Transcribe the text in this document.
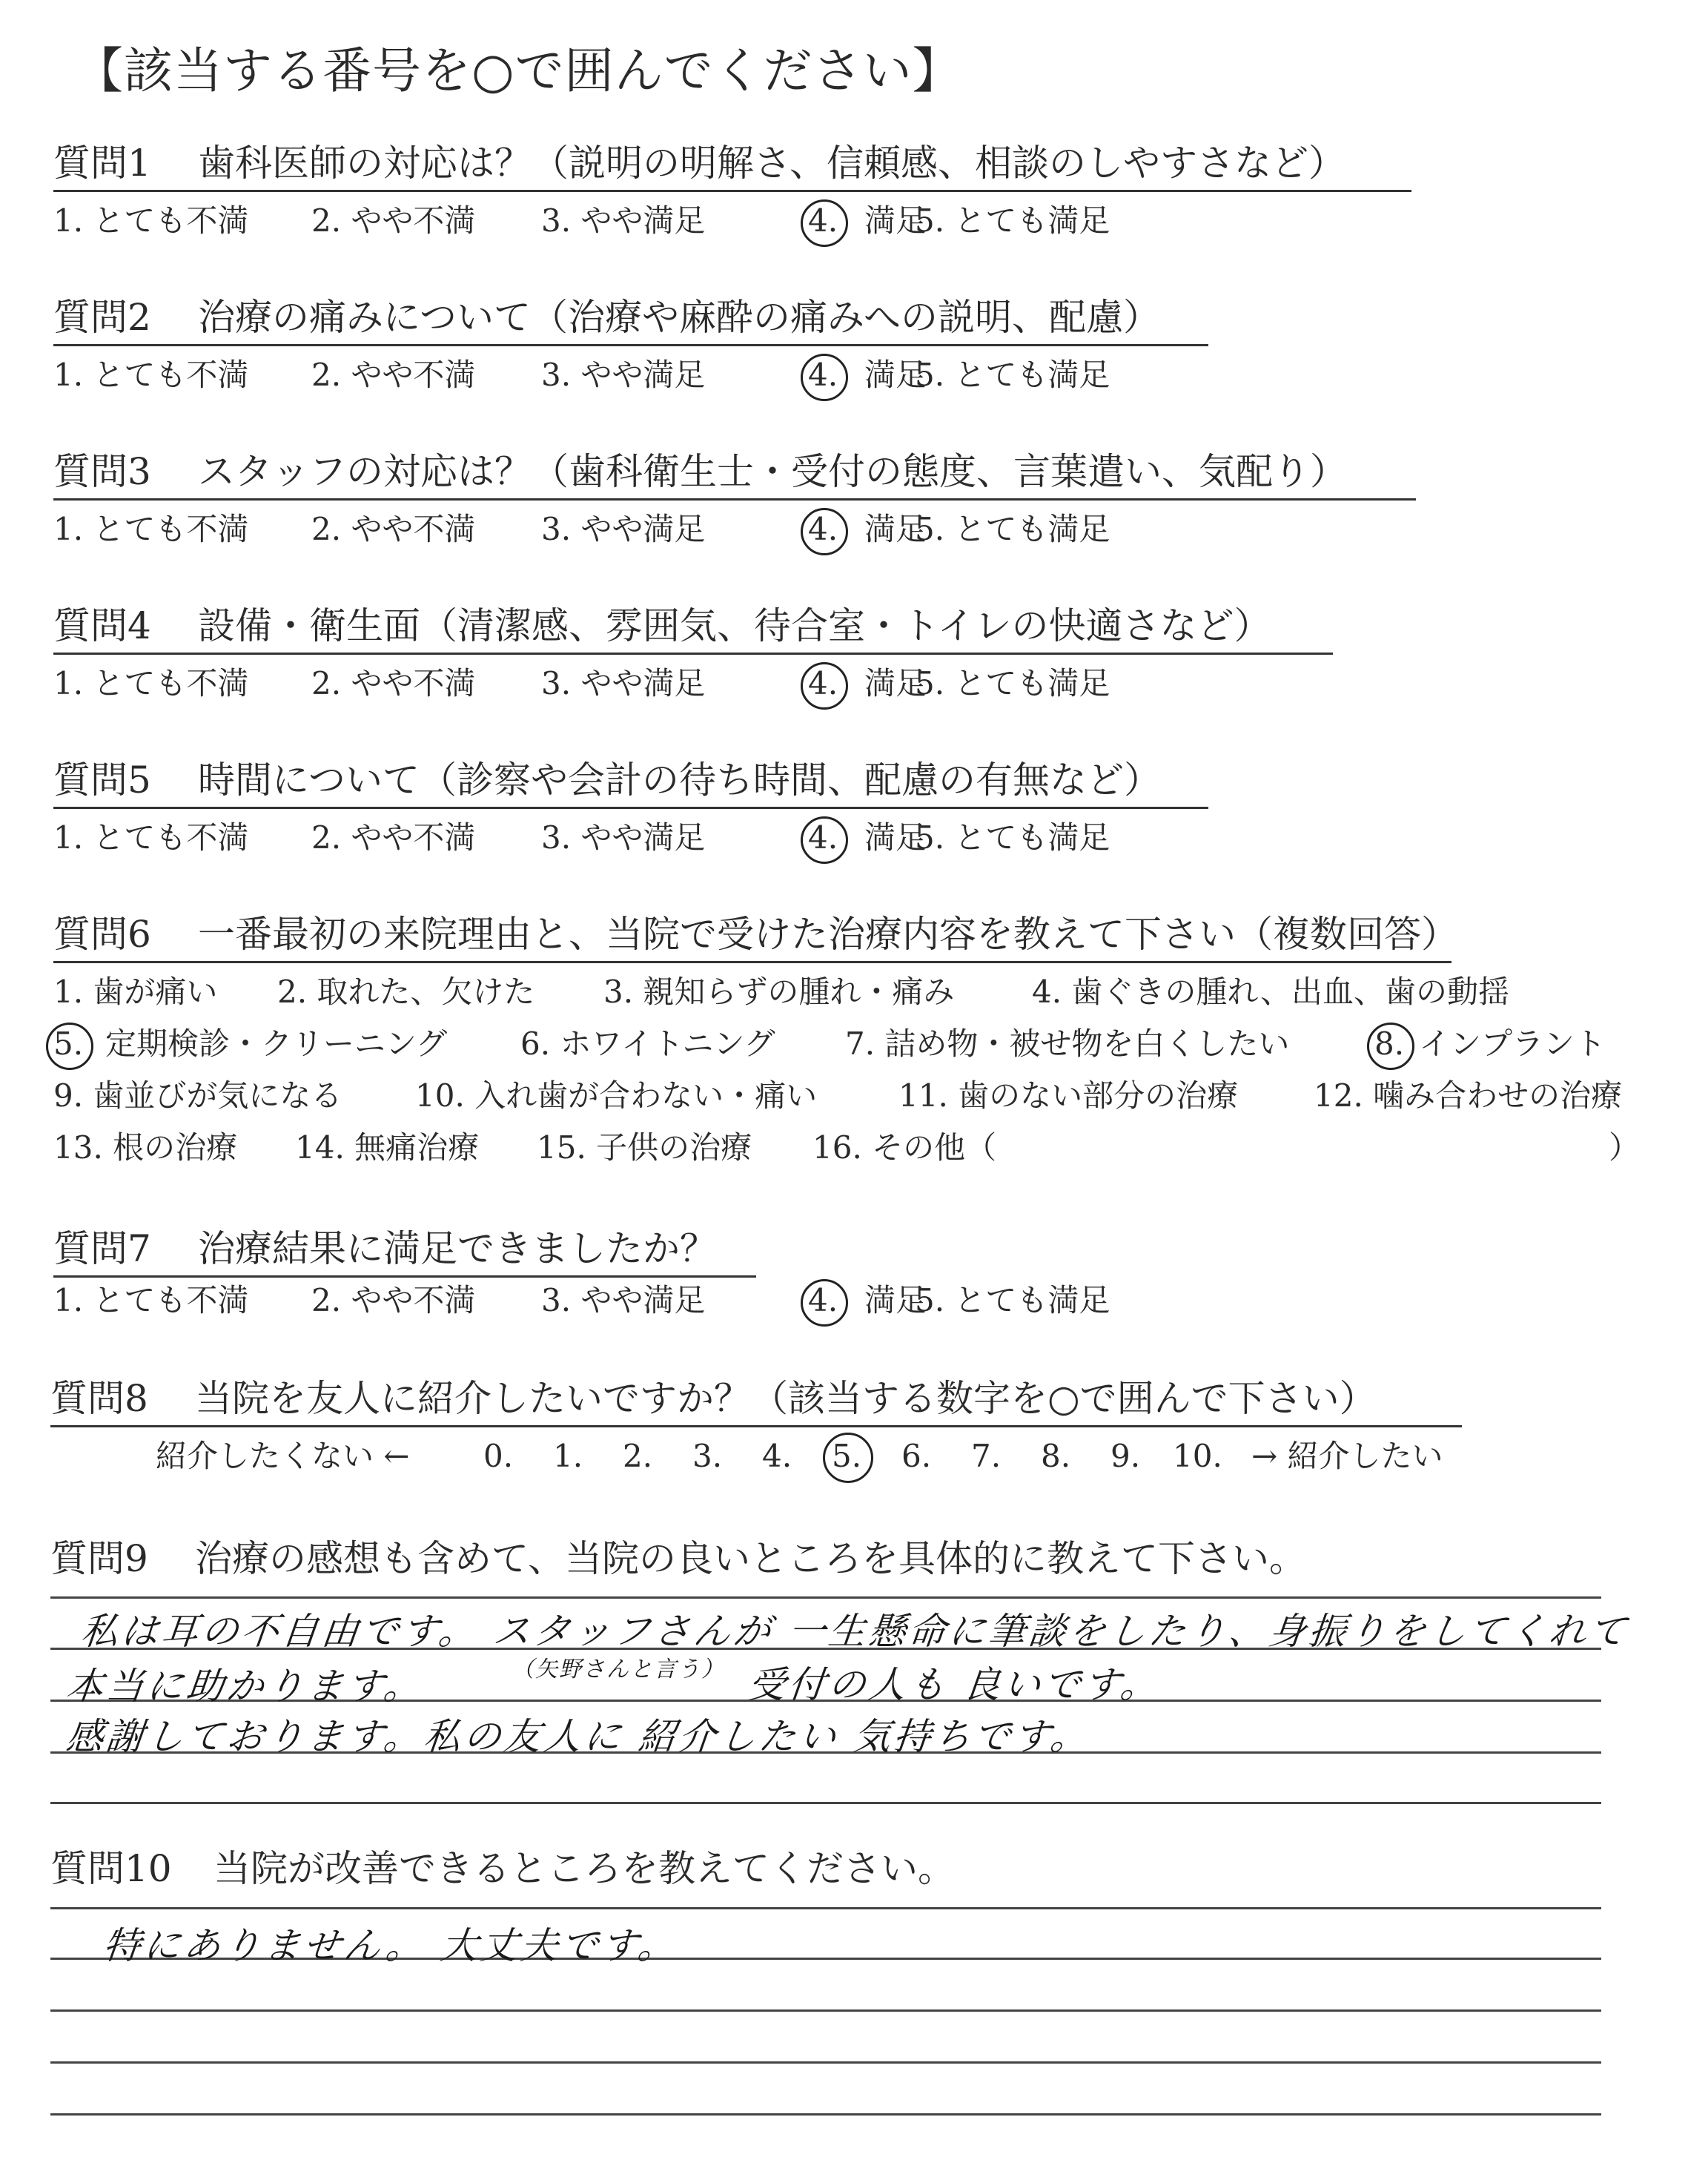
【該当する番号を○で囲んでください】
質問1 歯科医師の対応は？（説明の明解さ、信頼感、相談のしやすさなど）
1. とても不満 2. やや不満 3. やや満足	4. 満足
5. とても満足
質問2 治療の痛みについて（治療や麻酔の痛みへの説明、配慮）
1. とても不満 2. やや不満 3. やや満足	4. 満足
5. とても満足
質問3 スタッフの対応は？（歯科衛生士・受付の態度、言葉遣い、気配り）
1. とても不満 2. やや不満 3. やや満足	4. 満足
5. とても満足
質問4 設備・衛生面（清潔感、雰囲気、待合室・トイレの快適さなど）
1. とても不満 2. やや不満 3. やや満足	4. 満足
5. とても満足
質問5 時間について（診察や会計の待ち時間、配慮の有無など）
1. とても不満 2. やや不満 3. やや満足	4. 満足
5. とても満足
質問6 一番最初の来院理由と、当院で受けた治療内容を教えて下さい（複数回答）
1. 歯が痛い 2. 取れた、欠けた 3. 親知らずの腫れ・痛み 4. 歯ぐきの腫れ、出血、歯の動揺
5. 定期検診・クリーニング 6. ホワイトニング 7. 詰め物・被せ物を白くしたい	8. インプラント
9. 歯並びが気になる 10. 入れ歯が合わない・痛い	11. 歯のない部分の治療 12. 噛み合わせの治療
13. 根の治療 14. 無痛治療 15. 子供の治療 16. その他（	）
質問7 治療結果に満足できましたか？
1. とても不満 2. やや不満 3. やや満足	4. 満足
5. とても満足
質問8 当院を友人に紹介したいですか？（該当する数字を○で囲んで下さい）
紹介したくない ← 0. 1. 2. 3. 4. 5. 6. 7. 8. 9. 10. → 紹介したい
質問9 治療の感想も含めて、当院の良いところを具体的に教えて下さい。
私は耳の不自由です。 スタッフさんが 一生懸命に筆談をしたり、身振りをしてくれて
（矢野さんと言う）
本当に助かります。	受付の人も 良いです。
感謝しております。私の友人に 紹介したい 気持ちです。
質問10 当院が改善できるところを教えてください。
特にありません。 大丈夫です。
